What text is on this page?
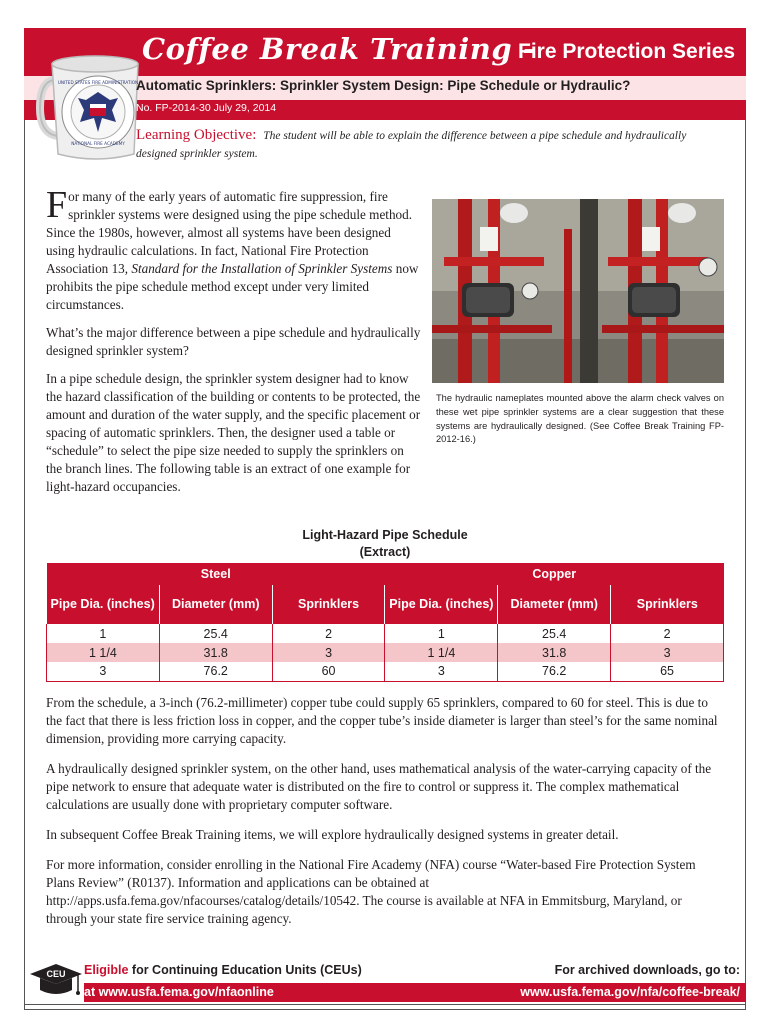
UNITED STATES FIRE ADMINISTRATION
NATIONAL FIRE ACADEMY
Coffee Break Training -
Fire Protection Series
Automatic Sprinklers: Sprinkler System Design: Pipe Schedule or Hydraulic?
No. FP-2014-30 July 29, 2014
Learning Objective: The student will be able to explain the difference between a pipe schedule and hydraulically designed sprinkler system.

For many of the early years of automatic fire suppression, fire sprinkler systems were designed using the pipe schedule method. Since the 1980s, however, almost all systems have been designed using hydraulic calculations. In fact, National Fire Protection Association 13, Standard for the Installation of Sprinkler Systems now prohibits the pipe schedule method except under very limited circumstances.

What’s the major difference between a pipe schedule and hydraulically designed sprinkler system?

In a pipe schedule design, the sprinkler system designer had to know the hazard classification of the building or contents to be protected, the amount and duration of the water supply, and the specific placement or spacing of automatic sprinklers. Then, the designer used a table or “schedule” to select the pipe size needed to supply the sprinklers on the branch lines. The following table is an extract of one example for light-hazard occupancies.

The hydraulic nameplates mounted above the alarm check valves on these wet pipe sprinkler systems are a clear suggestion that these systems are hydraulically designed. (See Coffee Break Training FP-2012-16.)
Light-Hazard Pipe Schedule
(Extract)
Steel			Copper		
Pipe Dia. (inches)	Diameter (mm)	Sprinklers	Pipe Dia. (inches)	Diameter (mm)	Sprinklers
1	25.4	2	1	25.4	2
1 1/4	31.8	3	1 1/4	31.8	3
3	76.2	60	3	76.2	65

From the schedule, a 3-inch (76.2-millimeter) copper tube could supply 65 sprinklers, compared to 60 for steel. This is due to the fact that there is less friction loss in copper, and the copper tube’s inside diameter is larger than steel’s for the same nominal dimension, providing more carrying capacity.

A hydraulically designed sprinkler system, on the other hand, uses mathematical analysis of the water-carrying capacity of the pipe network to ensure that adequate water is distributed on the fire to control or suppress it. The complex mathematical calculations are usually done with proprietary computer software.

In subsequent Coffee Break Training items, we will explore hydraulically designed systems in greater detail.

For more information, consider enrolling in the National Fire Academy (NFA) course “Water-based Fire Protection System Plans Review” (R0137). Information and applications can be obtained at http://apps.usfa.fema.gov/nfacourses/catalog/details/10542. The course is available at NFA in Emmitsburg, Maryland, or through your state fire service training agency.

CEU Eligible for Continuing Education Units (CEUs)
at www.usfa.fema.gov/nfaonline
For archived downloads, go to:
www.usfa.fema.gov/nfa/coffee-break/
